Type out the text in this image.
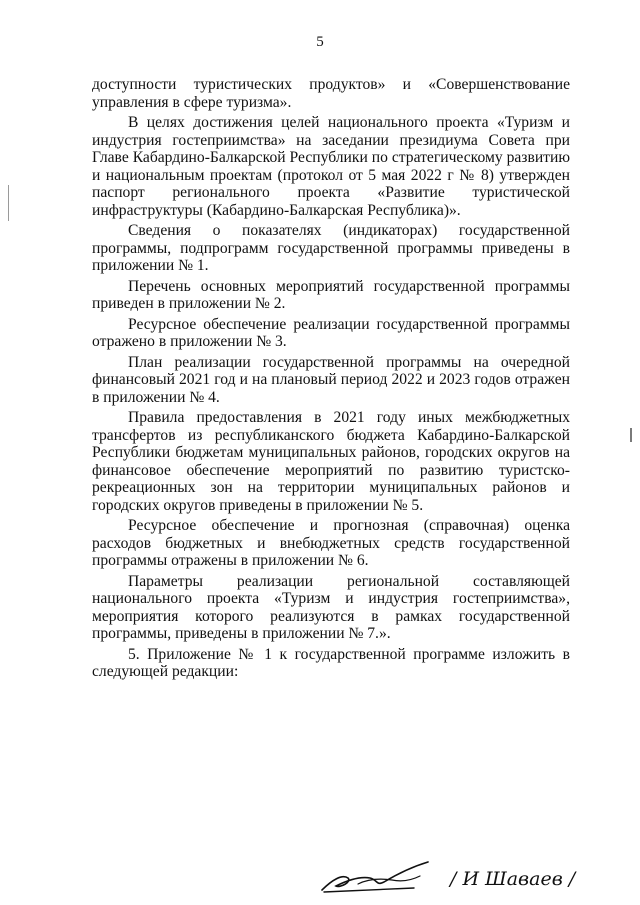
5

доступности туристических продуктов» и «Совершенствование управления в сфере туризма».

В целях достижения целей национального проекта «Туризм и индустрия гостеприимства» на заседании президиума Совета при Главе Кабардино-Балкарской Республики по стратегическому развитию и национальным проектам (протокол от 5 мая 2022 г № 8) утвержден паспорт регионального проекта «Развитие туристической инфраструктуры (Кабардино-Балкарская Республика)».

Сведения о показателях (индикаторах) государственной программы, подпрограмм государственной программы приведены в приложении № 1.

Перечень основных мероприятий государственной программы приведен в приложении № 2.

Ресурсное обеспечение реализации государственной программы отражено в приложении № 3.

План реализации государственной программы на очередной финансовый 2021 год и на плановый период 2022 и 2023 годов отражен в приложении № 4.

Правила предоставления в 2021 году иных межбюджетных трансфертов из республиканского бюджета Кабардино-Балкарской Республики бюджетам муниципальных районов, городских округов на финансовое обеспечение мероприятий по развитию туристско-рекреационных зон на территории муниципальных районов и городских округов приведены в приложении № 5.

Ресурсное обеспечение и прогнозная (справочная) оценка расходов бюджетных и внебюджетных средств государственной программы отражены в приложении № 6.

Параметры реализации региональной составляющей национального проекта «Туризм и индустрия гостеприимства», мероприятия которого реализуются в рамках государственной программы, приведены в приложении № 7.».

5. Приложение № 1 к государственной программе изложить в следующей редакции:

/ И Шаваев /
